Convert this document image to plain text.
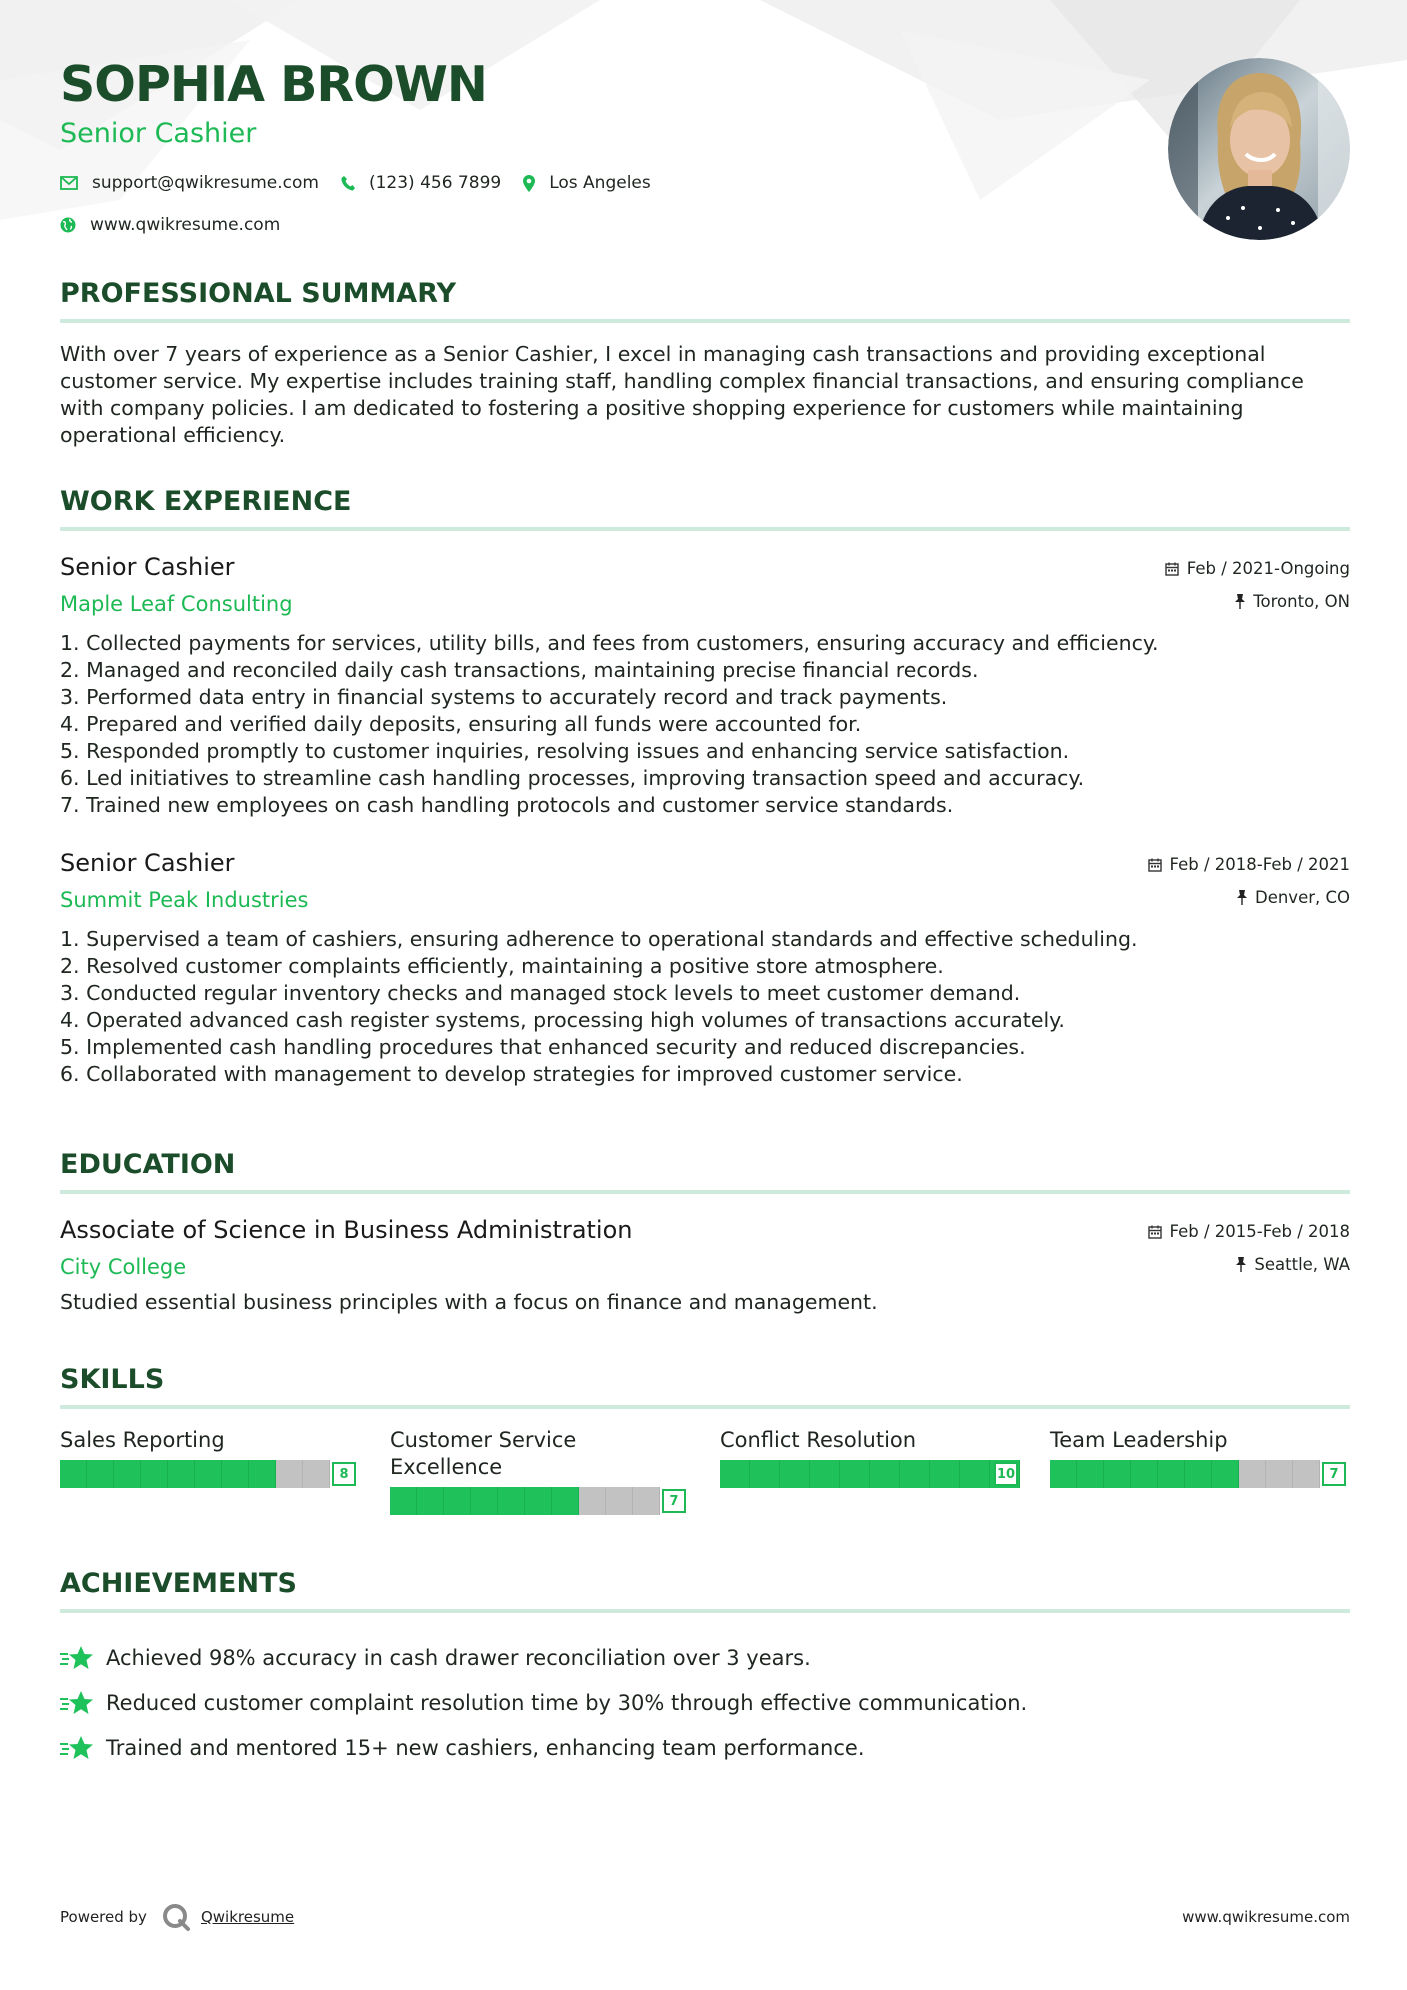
SOPHIA BROWN
Senior Cashier
support@qwikresume.com	(123) 456 7899	Los Angeles
www.qwikresume.com
PROFESSIONAL SUMMARY

With over 7 years of experience as a Senior Cashier, I excel in managing cash transactions and providing exceptional customer service. My expertise includes training staff, handling complex financial transactions, and ensuring compliance with company policies. I am dedicated to fostering a positive shopping experience for customers while maintaining operational efficiency.

WORK EXPERIENCE
Senior Cashier
Maple Leaf Consulting
Feb / 2021-Ongoing
Toronto, ON
1. Collected payments for services, utility bills, and fees from customers, ensuring accuracy and efficiency.
2. Managed and reconciled daily cash transactions, maintaining precise financial records.
3. Performed data entry in financial systems to accurately record and track payments.
4. Prepared and verified daily deposits, ensuring all funds were accounted for.
5. Responded promptly to customer inquiries, resolving issues and enhancing service satisfaction.
6. Led initiatives to streamline cash handling processes, improving transaction speed and accuracy.
7. Trained new employees on cash handling protocols and customer service standards.
Senior Cashier
Summit Peak Industries
Feb / 2018-Feb / 2021
Denver, CO
1. Supervised a team of cashiers, ensuring adherence to operational standards and effective scheduling.
2. Resolved customer complaints efficiently, maintaining a positive store atmosphere.
3. Conducted regular inventory checks and managed stock levels to meet customer demand.
4. Operated advanced cash register systems, processing high volumes of transactions accurately.
5. Implemented cash handling procedures that enhanced security and reduced discrepancies.
6. Collaborated with management to develop strategies for improved customer service.
EDUCATION
Associate of Science in Business Administration
City College
Feb / 2015-Feb / 2018
Seattle, WA
Studied essential business principles with a focus on finance and management.
SKILLS
Sales Reporting
8
Customer Service Excellence
7
Conflict Resolution
10
Team Leadership
7
ACHIEVEMENTS
Achieved 98% accuracy in cash drawer reconciliation over 3 years.
Reduced customer complaint resolution time by 30% through effective communication.
Trained and mentored 15+ new cashiers, enhancing team performance.
Powered by	Qwikresume	www.qwikresume.com
